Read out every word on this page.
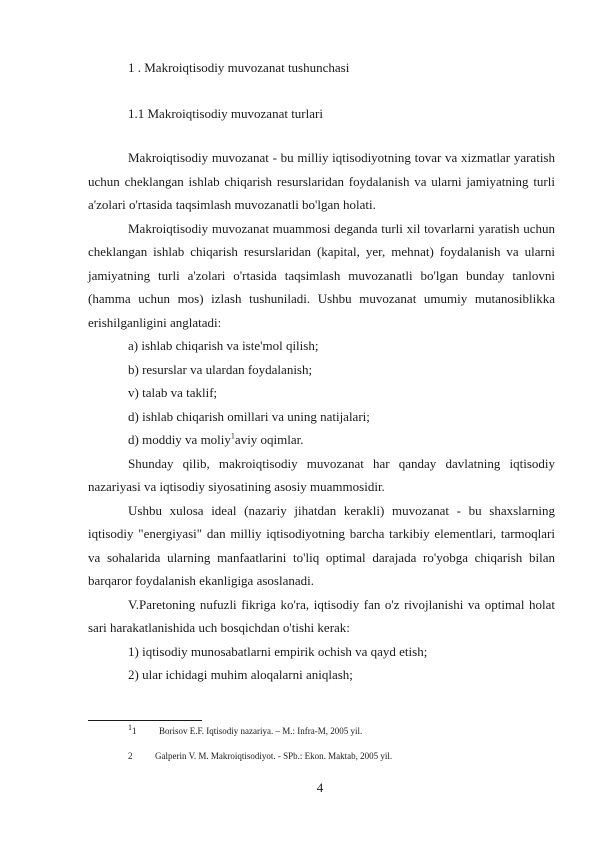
1 . Makroiqtisodiy muvozanat tushunchasi
1.1 Makroiqtisodiy muvozanat turlari

Makroiqtisodiy muvozanat - bu milliy iqtisodiyotning tovar va xizmatlar yaratish uchun cheklangan ishlab chiqarish resurslaridan foydalanish va ularni jamiyatning turli a'zolari o'rtasida taqsimlash muvozanatli bo'lgan holati.

Makroiqtisodiy muvozanat muammosi deganda turli xil tovarlarni yaratish uchun cheklangan ishlab chiqarish resurslaridan (kapital, yer, mehnat) foydalanish va ularni jamiyatning turli a'zolari o'rtasida taqsimlash muvozanatli bo'lgan bunday tanlovni (hamma uchun mos) izlash tushuniladi. Ushbu muvozanat umumiy mutanosiblikka erishilganligini anglatadi:

a) ishlab chiqarish va iste'mol qilish;

b) resurslar va ulardan foydalanish;

v) talab va taklif;

d) ishlab chiqarish omillari va uning natijalari;

d) moddiy va moliy$^1$aviy oqimlar.

Shunday qilib, makroiqtisodiy muvozanat har qanday davlatning iqtisodiy nazariyasi va iqtisodiy siyosatining asosiy muammosidir.

Ushbu xulosa ideal (nazariy jihatdan kerakli) muvozanat - bu shaxslarning iqtisodiy "energiyasi" dan milliy iqtisodiyotning barcha tarkibiy elementlari, tarmoqlari va sohalarida ularning manfaatlarini to'liq optimal darajada ro'yobga chiqarish bilan barqaror foydalanish ekanligiga asoslanadi.

V.Paretoning nufuzli fikriga ko'ra, iqtisodiy fan o'z rivojlanishi va optimal holat sari harakatlanishida uch bosqichdan o'tishi kerak:

1) iqtisodiy munosabatlarni empirik ochish va qayd etish;

2) ular ichidagi muhim aloqalarni aniqlash;

$^1$1	Borisov E.F. Iqtisodiy nazariya. – M.: Infra-M, 2005 yil.
2	Galperin V. M. Makroiqtisodiyot. - SPb.: Ekon. Maktab, 2005 yil.
4
